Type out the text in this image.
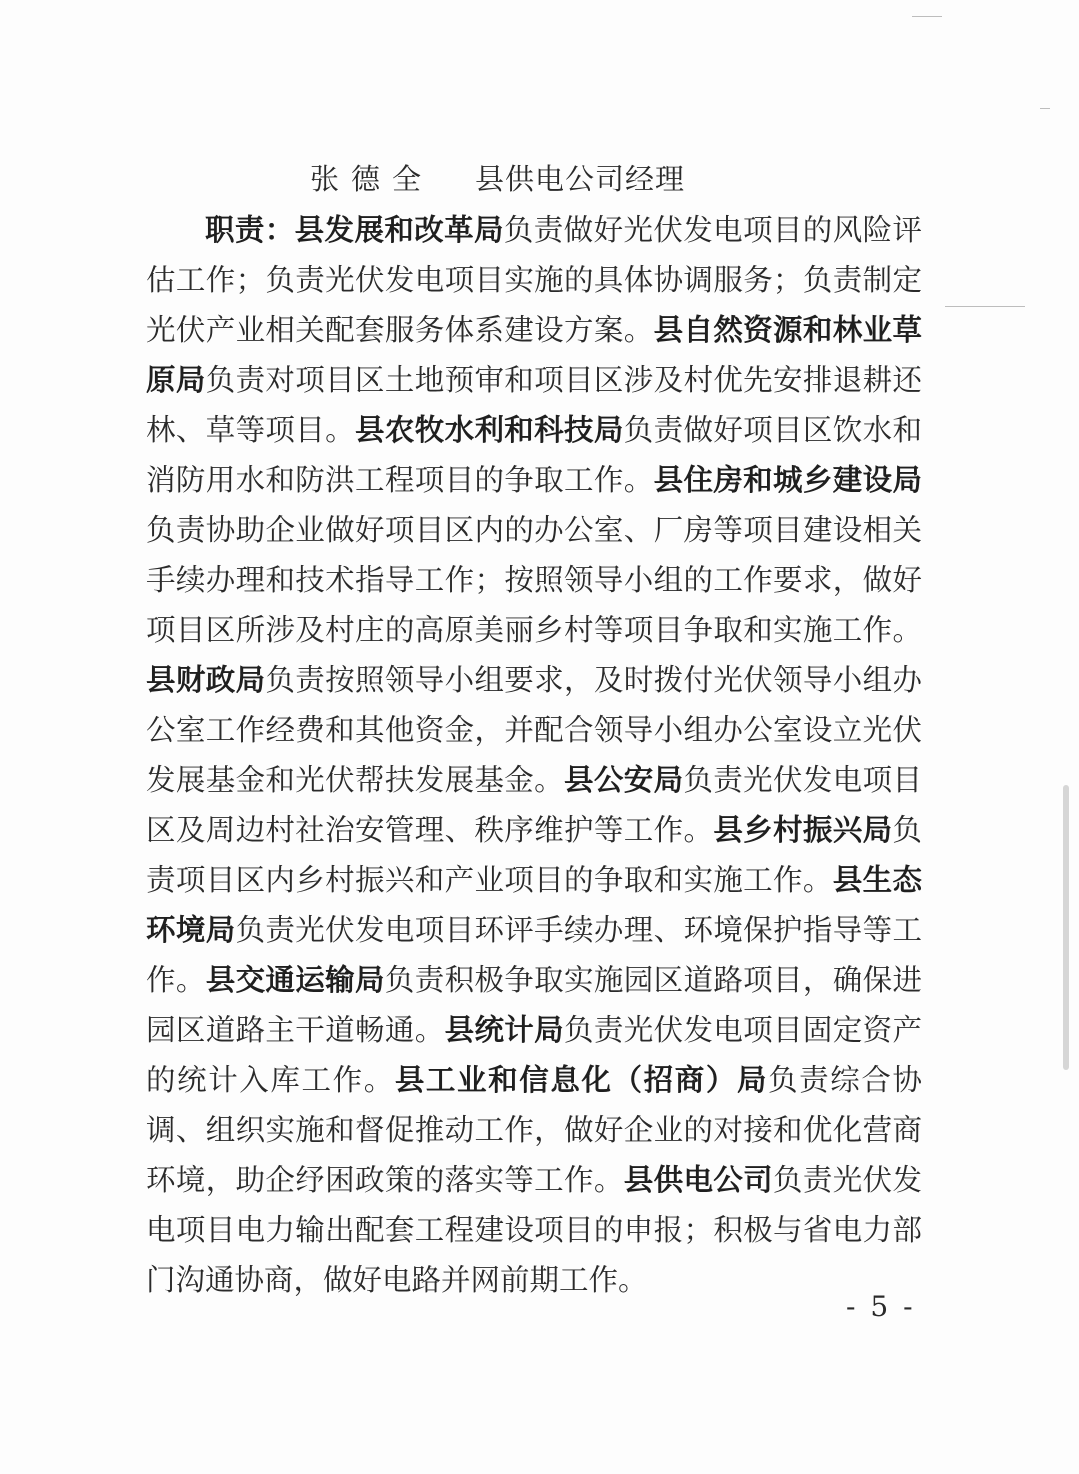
张德全 县供电公司经理

职责：县发展和改革局负责做好光伏发电项目的风险评估工作；负责光伏发电项目实施的具体协调服务；负责制定光伏产业相关配套服务体系建设方案。县自然资源和林业草原局负责对项目区土地预审和项目区涉及村优先安排退耕还林、草等项目。县农牧水利和科技局负责做好项目区饮水和消防用水和防洪工程项目的争取工作。县住房和城乡建设局负责协助企业做好项目区内的办公室、厂房等项目建设相关手续办理和技术指导工作；按照领导小组的工作要求，做好项目区所涉及村庄的高原美丽乡村等项目争取和实施工作。县财政局负责按照领导小组要求，及时拨付光伏领导小组办公室工作经费和其他资金，并配合领导小组办公室设立光伏发展基金和光伏帮扶发展基金。县公安局负责光伏发电项目区及周边村社治安管理、秩序维护等工作。县乡村振兴局负责项目区内乡村振兴和产业项目的争取和实施工作。县生态环境局负责光伏发电项目环评手续办理、环境保护指导等工作。县交通运输局负责积极争取实施园区道路项目，确保进园区道路主干道畅通。县统计局负责光伏发电项目固定资产的统计入库工作。县工业和信息化（招商）局负责综合协调、组织实施和督促推动工作，做好企业的对接和优化营商环境，助企纾困政策的落实等工作。县供电公司负责光伏发电项目电力输出配套工程建设项目的申报；积极与省电力部门沟通协商，做好电路并网前期工作。

- 5 -
